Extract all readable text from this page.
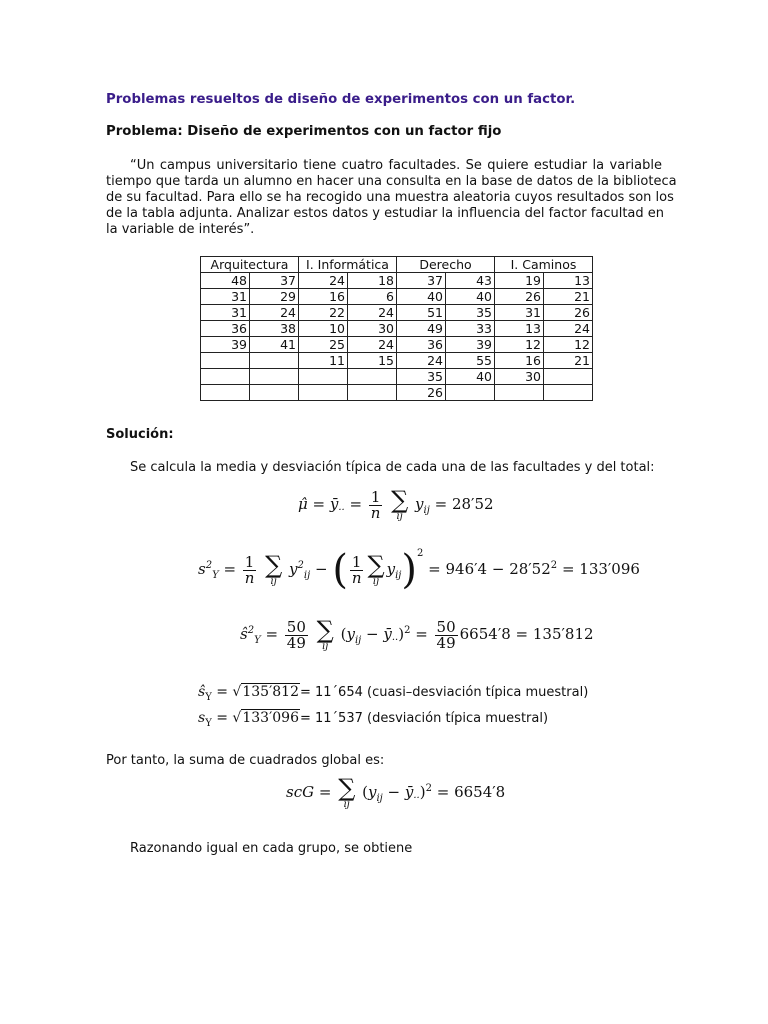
Problemas resueltos de diseño de experimentos con un factor.
Problema: Diseño de experimentos con un factor fijo
“Un campus universitario tiene cuatro facultades. Se quiere estudiar la variable
tiempo que tarda un alumno en hacer una consulta en la base de datos de la biblioteca
de su facultad. Para ello se ha recogido una muestra aleatoria cuyos resultados son los
de la tabla adjunta. Analizar estos datos y estudiar la influencia del factor facultad en
la variable de interés”.
Arquitectura		I. Informática		Derecho		I. Caminos	
48	37	24	18	37	43	19	13
31	29	16	6	40	40	26	21
31	24	22	24	51	35	31	26
36	38	10	30	49	33	13	24
39	41	25	24	36	39	12	12
		11	15	24	55	16	21
				35	40	30	
				26			
Solución:
Se calcula la media y desviación típica de cada una de las facultades y del total:
μ̂ = $ȳ_{\cdot\cdot} = \frac{1}{n}$
∑
ij
$y_{ij} = 28'52$
$s^2_Y = \frac{1}{n}$
∑
ij
$y^2_{ij}$ − ( $\frac{1}{n}$ ∑
ij
$y_{ij})^2 = 946'4 - 28'52^2 = 133'096$
$ŝ^2_Y = \frac{50}{49}$
∑
ij
($y_{ij}$ − $ȳ_{\cdot\cdot})^2 = \frac{50}{49} 6654'8 = 135'812$
$ŝ_Y = √135'812=$ 11´654 (cuasi–desviación típica muestral)
$s_Y = √133'096=$ 11´537 (desviación típica muestral)
Por tanto, la suma de cuadrados global es:
scG = ∑
ij
($y_{ij}$ − $ȳ_{\cdot\cdot})^2 = 6654'8$
Razonando igual en cada grupo, se obtiene
